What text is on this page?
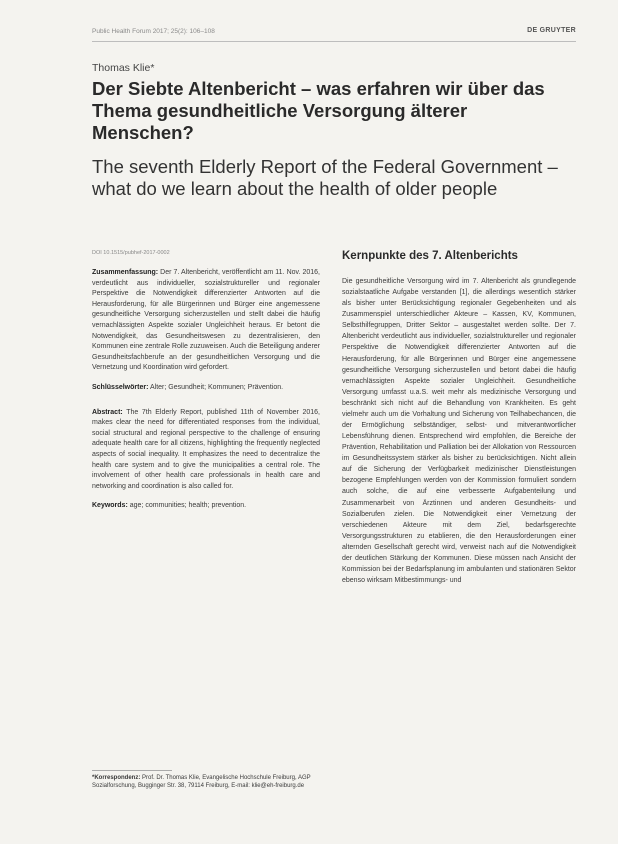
Public Health Forum 2017; 25(2): 106–108	DE GRUYTER
Thomas Klie*
Der Siebte Altenbericht – was erfahren wir über das Thema gesundheitliche Versorgung älterer Menschen?
The seventh Elderly Report of the Federal Government – what do we learn about the health of older people
DOI 10.1515/pubhef-2017-0002

Zusammenfassung: Der 7. Altenbericht, veröffentlicht am 11. Nov. 2016, verdeutlicht aus individueller, sozialstruktureller und regionaler Perspektive die Notwendigkeit differenzierter Antworten auf die Herausforderung, für alle Bürgerinnen und Bürger eine angemessene gesundheitliche Versorgung sicherzustellen und stellt dabei die häufig vernachlässigten Aspekte sozialer Ungleichheit heraus. Er betont die Notwendigkeit, das Gesundheitswesen zu dezentralisieren, den Kommunen eine zentrale Rolle zuzuweisen. Auch die Beteiligung anderer Gesundheitsfachberufe an der gesundheitlichen Versorgung und die Vernetzung und Koordination wird gefordert.

Schlüsselwörter: Alter; Gesundheit; Kommunen; Prävention.

Abstract: The 7th Elderly Report, published 11th of November 2016, makes clear the need for differentiated responses from the individual, social structural and regional perspective to the challenge of ensuring adequate health care for all citizens, highlighting the frequently neglected aspects of social inequality. It emphasizes the need to decentralize the health care system and to give the municipalities a central role. The involvement of other health care professionals in health care and networking and coordination is also called for.

Keywords: age; communities; health; prevention.

*Korrespondenz: Prof. Dr. Thomas Klie, Evangelische Hochschule Freiburg, AGP Sozialforschung, Bugginger Str. 38, 79114 Freiburg, E-mail: klie@eh-freiburg.de
Kernpunkte des 7. Altenberichts

Die gesundheitliche Versorgung wird im 7. Altenbericht als grundlegende sozialstaatliche Aufgabe verstanden [1], die allerdings wesentlich stärker als bisher unter Berücksichtigung regionaler Gegebenheiten und als Zusammenspiel unterschiedlicher Akteure – Kassen, KV, Kommunen, Selbsthilfegruppen, Dritter Sektor – ausgestaltet werden sollte. Der 7. Altenbericht verdeutlicht aus individueller, sozialstruktureller und regionaler Perspektive die Notwendigkeit differenzierter Antworten auf die Herausforderung, für alle Bürgerinnen und Bürger eine angemessene gesundheitliche Versorgung sicherzustellen und betont dabei die häufig vernachlässigten Aspekte sozialer Ungleichheit. Gesundheitliche Versorgung umfasst u.a.S. weit mehr als medizinische Versorgung und beschränkt sich nicht auf die Behandlung von Krankheiten. Es geht vielmehr auch um die Vorhaltung und Sicherung von Teilhabechancen, die der Ermöglichung selbständiger, selbst- und mitverantwortlicher Lebensführung dienen. Entsprechend wird empfohlen, die Bereiche der Prävention, Rehabilitation und Palliation bei der Allokation von Ressourcen im Gesundheitssystem stärker als bisher zu berücksichtigen. Nicht allein auf die Sicherung der Verfügbarkeit medizinischer Dienstleistungen bezogene Empfehlungen werden von der Kommission formuliert sondern auch solche, die auf eine verbesserte Aufgabenteilung und Zusammenarbeit von Ärztinnen und anderen Gesundheits- und Sozialberufen zielen. Die Notwendigkeit einer Vernetzung der verschiedenen Akteure mit dem Ziel, bedarfsgerechte Versorgungsstrukturen zu etablieren, die den Herausforderungen einer alternden Gesellschaft gerecht wird, verweist nach auf die Notwendigkeit der deutlichen Stärkung der Kommunen. Diese müssen nach Ansicht der Kommission bei der Bedarfsplanung im ambulanten und stationären Sektor ebenso wirksam Mitbestimmungs- und
